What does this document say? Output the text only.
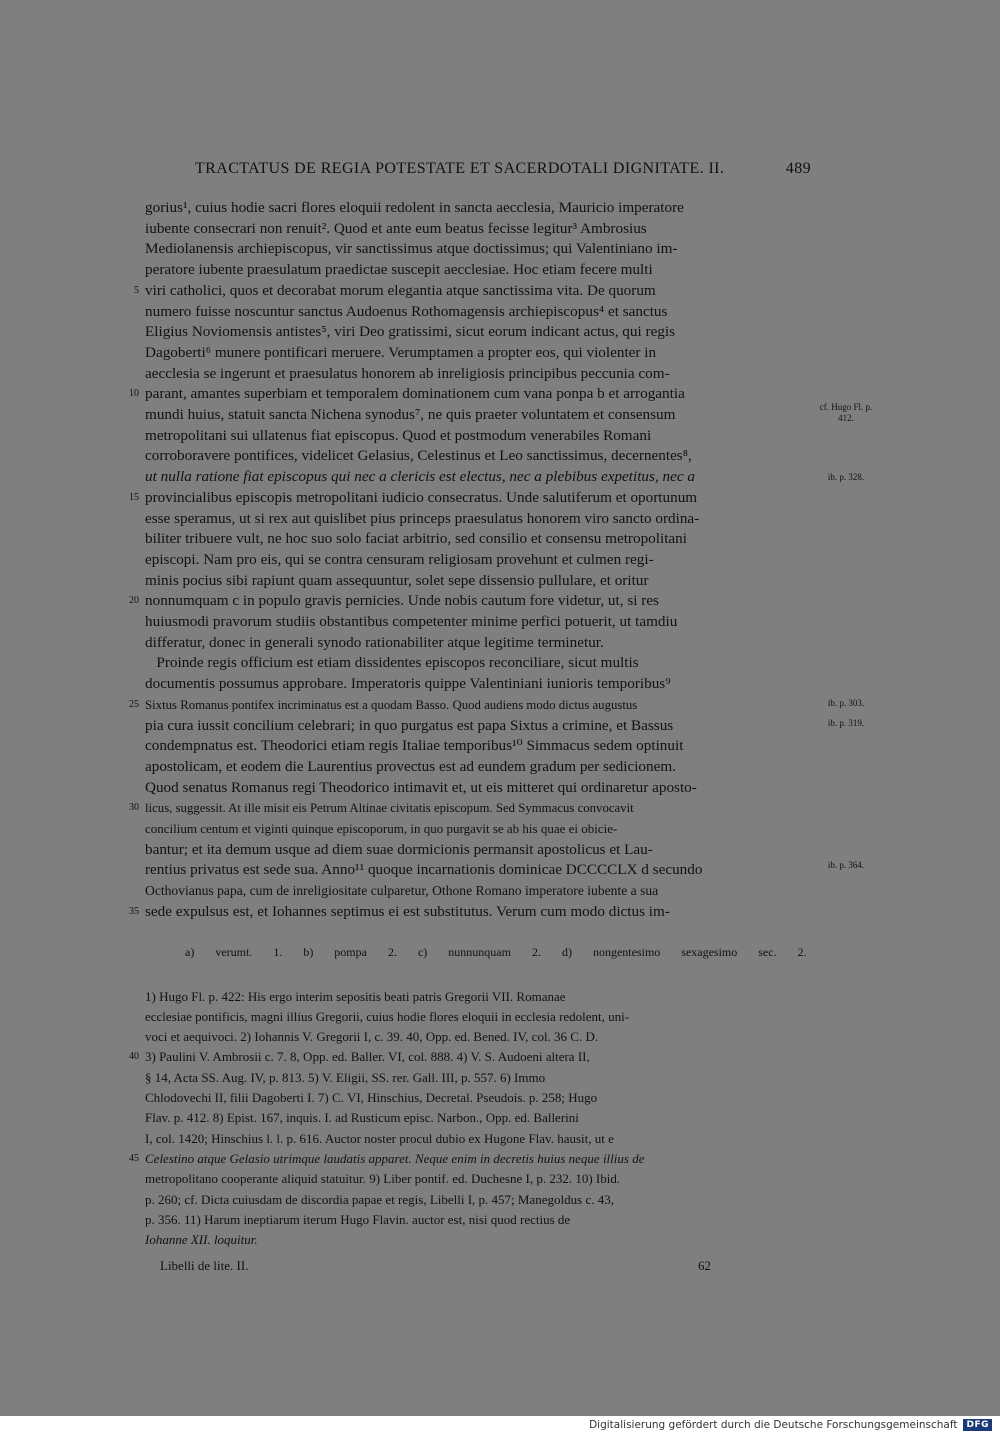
TRACTATUS DE REGIA POTESTATE ET SACERDOTALI DIGNITATE. II.	489
gorius¹, cuius hodie sacri flores eloquii redolent in sancta aecclesia, Mauricio imperatore
iubente consecrari non renuit². Quod et ante eum beatus fecisse legitur³ Ambrosius
Mediolanensis archiepiscopus, vir sanctissimus atque doctissimus; qui Valentiniano im-
peratore iubente praesulatum praedictae suscepit aecclesiae. Hoc etiam fecere multi
viri catholici, quos et decorabat morum elegantia atque sanctissima vita. De quorum
numero fuisse noscuntur sanctus Audoenus Rothomagensis archiepiscopus⁴ et sanctus
Eligius Noviomensis antistes⁵, viri Deo gratissimi, sicut eorum indicant actus, qui regis
Dagoberti⁶ munere pontificari meruere. Verumptamen a propter eos, qui violenter in
aecclesia se ingerunt et praesulatus honorem ab inreligiosis principibus peccunia com-
parant, amantes superbiam et temporalem dominationem cum vana ponpa b et arrogantia
mundi huius, statuit sancta Nichena synodus⁷, ne quis praeter voluntatem et consensum
metropolitani sui ullatenus fiat episcopus. Quod et postmodum venerabiles Romani
corroboravere pontifices, videlicet Gelasius, Celestinus et Leo sanctissimus, decernentes⁸,
ut nulla ratione fiat episcopus qui nec a clericis est electus, nec a plebibus expetitus, nec a
provincialibus episcopis metropolitani iudicio consecratus. Unde salutiferum et oportunum
esse speramus, ut si rex aut quislibet pius princeps praesulatus honorem viro sancto ordina-
biliter tribuere vult, ne hoc suo solo faciat arbitrio, sed consilio et consensu metropolitani
episcopi. Nam pro eis, qui se contra censuram religiosam provehunt et culmen regi-
minis pocius sibi rapiunt quam assequuntur, solet sepe dissensio pullulare, et oritur
nonnumquam c in populo gravis pernicies. Unde nobis cautum fore videtur, ut, si res
huiusmodi pravorum studiis obstantibus competenter minime perfici potuerit, ut tamdiu
differatur, donec in generali synodo rationabiliter atque legitime terminetur.
Proinde regis officium est etiam dissidentes episcopos reconciliare, sicut multis
documentis possumus approbare. Imperatoris quippe Valentiniani iunioris temporibus⁹
Sixtus Romanus pontifex incriminatus est a quodam Basso. Quod audiens modo dictus augustus
pia cura iussit concilium celebrari; in quo purgatus est papa Sixtus a crimine, et Bassus
condempnatus est. Theodorici etiam regis Italiae temporibus¹⁰ Simmacus sedem optinuit
apostolicam, et eodem die Laurentius provectus est ad eundem gradum per sedicionem.
Quod senatus Romanus regi Theodorico intimavit et, ut eis mitteret qui ordinaretur aposto-
licus, suggessit. At ille misit eis Petrum Altinae civitatis episcopum. Sed Symmacus convocavit
concilium centum et viginti quinque episcoporum, in quo purgavit se ab his quae ei obicie-
bantur; et ita demum usque ad diem suae dormicionis permansit apostolicus et Lau-
rentius privatus est sede sua. Anno¹¹ quoque incarnationis dominicae DCCCCLX d secundo
Octhovianus papa, cum de inreligiositate culparetur, Othone Romano imperatore iubente a sua
sede expulsus est, et Iohannes septimus ei est substitutus. Verum cum modo dictus im-
5
10
15
20
25
30
35
cf. Hugo Fl. p. 412.
ib. p. 328.
ib. p. 303.
ib. p. 319.
ib. p. 364.
a) verumt. 1. b) pompa 2. c) nunnunquam 2. d) nongentesimo sexagesimo sec. 2.
1) Hugo Fl. p. 422: His ergo interim sepositis beati patris Gregorii VII. Romanae
ecclesiae pontificis, magni illius Gregorii, cuius hodie flores eloquii in ecclesia redolent, uni-
voci et aequivoci. 2) Iohannis V. Gregorii I, c. 39. 40, Opp. ed. Bened. IV, col. 36 C. D.
3) Paulini V. Ambrosii c. 7. 8, Opp. ed. Baller. VI, col. 888. 4) V. S. Audoeni altera II,
§ 14, Acta SS. Aug. IV, p. 813. 5) V. Eligii, SS. rer. Gall. III, p. 557. 6) Immo
Chlodovechi II, filii Dagoberti I. 7) C. VI, Hinschius, Decretal. Pseudois. p. 258; Hugo
Flav. p. 412. 8) Epist. 167, inquis. I. ad Rusticum episc. Narbon., Opp. ed. Ballerini
I, col. 1420; Hinschius l. l. p. 616. Auctor noster procul dubio ex Hugone Flav. hausit, ut e
Celestino atque Gelasio utrimque laudatis apparet. Neque enim in decretis huius neque illius de
metropolitano cooperante aliquid statuitur. 9) Liber pontif. ed. Duchesne I, p. 232. 10) Ibid.
p. 260; cf. Dicta cuiusdam de discordia papae et regis, Libelli I, p. 457; Manegoldus c. 43,
p. 356. 11) Harum ineptiarum iterum Hugo Flavin. auctor est, nisi quod rectius de
Iohanne XII. loquitur.
40
45
Libelli de lite. II.	62
Digitalisierung gefördert durch die Deutsche Forschungsgemeinschaft	DFG
